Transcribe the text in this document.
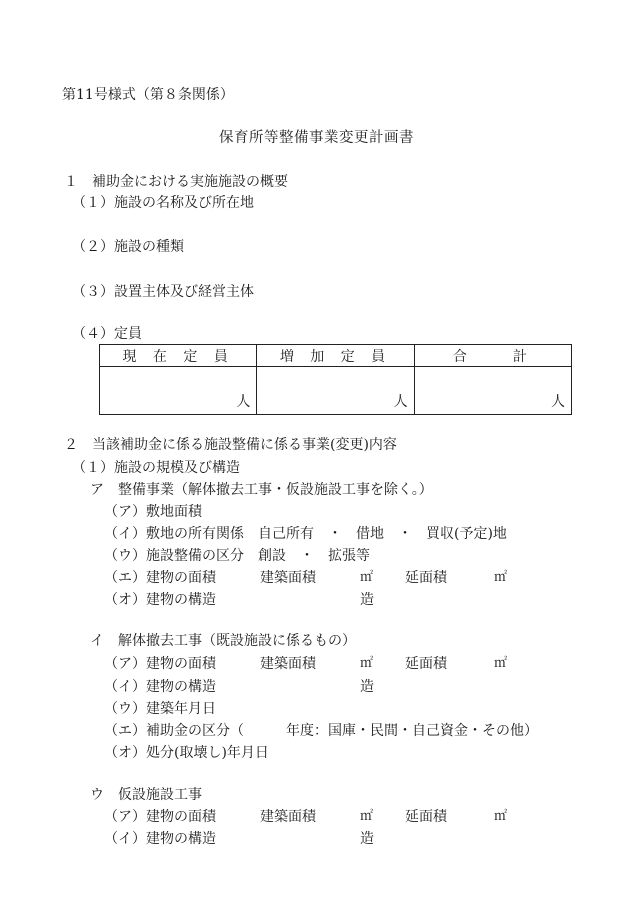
第11号様式（第８条関係）
保育所等整備事業変更計画書
１　補助金における実施施設の概要
（１）施設の名称及び所在地
（２）施設の種類
（３）設置主体及び経営主体
（４）定員
現 在 定 員	増 加 定 員	合　　計
人	人	人
２　当該補助金に係る施設整備に係る事業(変更)内容
（１）施設の規模及び構造
ア　整備事業（解体撤去工事・仮設施設工事を除く。）
（ア）敷地面積
（イ）敷地の所有関係　自己所有　・　借地　・　買収(予定)地
（ウ）施設整備の区分　創設　・　拡張等
（エ）建物の面積	建築面積	㎡ 延面積	㎡
（オ）建物の構造	造
イ　解体撤去工事（既設施設に係るもの）
（ア）建物の面積	建築面積	㎡ 延面積	㎡
（イ）建物の構造	造
（ウ）建築年月日
（エ）補助金の区分（　　　年度：国庫・民間・自己資金・その他）
（オ）処分(取壊し)年月日
ウ　仮設施設工事
（ア）建物の面積	建築面積	㎡ 延面積	㎡
（イ）建物の構造	造
